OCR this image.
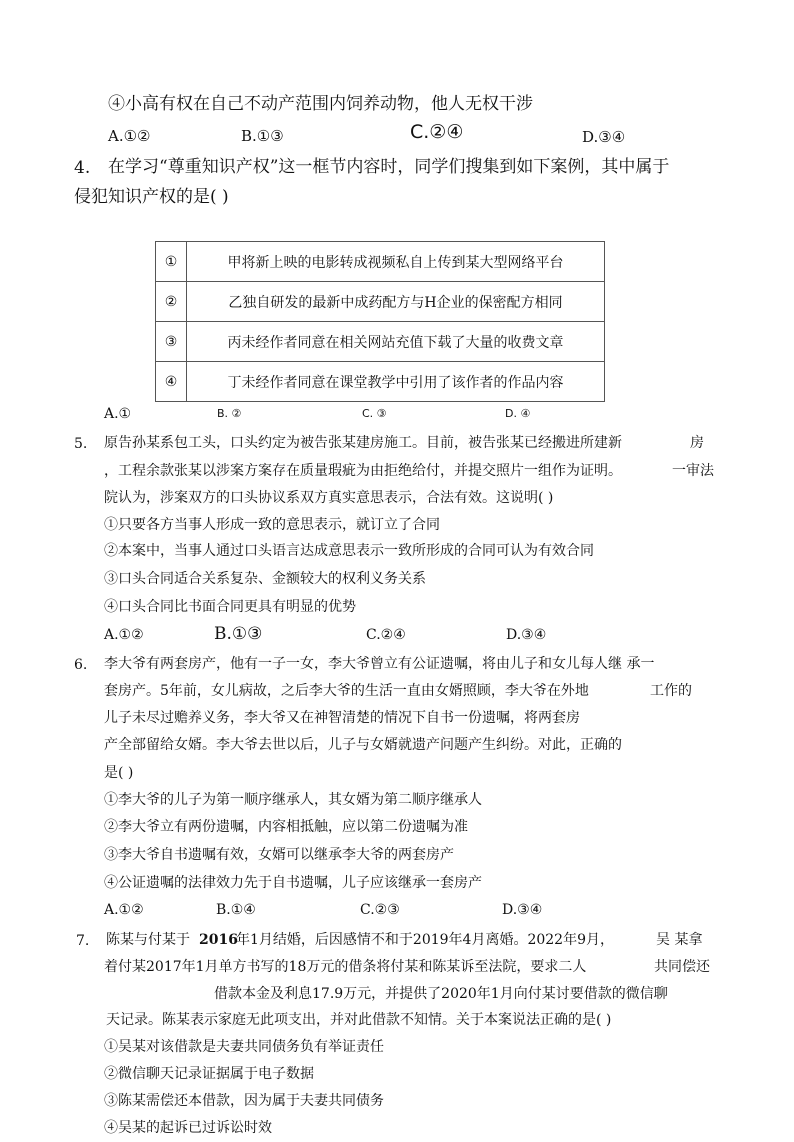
④小高有权在自己不动产范围内饲养动物，他人无权干涉
A.①②	B.①③	C.②④	D.③④
4. 在学习“尊重知识产权”这一框节内容时，同学们搜集到如下案例，其中属于
侵犯知识产权的是( )
①	甲将新上映的电影转成视频私自上传到某大型网络平台
②	乙独自研发的最新中成药配方与H企业的保密配方相同
③	丙未经作者同意在相关网站充值下载了大量的收费文章
④	丁未经作者同意在课堂教学中引用了该作者的作品内容
A.①	B. ②	C. ③	D. ④
5. 原告孙某系包工头，口头约定为被告张某建房施工。目前，被告张某已经搬进所建新	房
，工程余款张某以涉案方案存在质量瑕疵为由拒绝给付，并提交照片一组作为证明。	一审法
院认为，涉案双方的口头协议系双方真实意思表示，合法有效。这说明( )
①只要各方当事人形成一致的意思表示，就订立了合同
②本案中，当事人通过口头语言达成意思表示一致所形成的合同可认为有效合同
③口头合同适合关系复杂、金额较大的权利义务关系
④口头合同比书面合同更具有明显的优势
A.①②	B.①③	C.②④	D.③④
6. 李大爷有两套房产，他有一子一女，李大爷曾立有公证遗嘱，将由儿子和女儿每人继 承一
套房产。5年前，女儿病故，之后李大爷的生活一直由女婿照顾，李大爷在外地	工作的
儿子未尽过赡养义务，李大爷又在神智清楚的情况下自书一份遗嘱，将两套房
产全部留给女婿。李大爷去世以后，儿子与女婿就遗产问题产生纠纷。对此，正确的
是( )
①李大爷的儿子为第一顺序继承人，其女婿为第二顺序继承人
②李大爷立有两份遗嘱，内容相抵触，应以第二份遗嘱为准
③李大爷自书遗嘱有效，女婿可以继承李大爷的两套房产
④公证遗嘱的法律效力先于自书遗嘱，儿子应该继承一套房产
A.①②	B.①④	C.②③	D.③④
7. 陈某与付某于 2016
年1月结婚，后因感情不和于2019年4月离婚。2022年9月，	吴 某拿
着付某2017年1月单方书写的18万元的借条将付某和陈某诉至法院，要求二人	共同偿还
借款本金及利息17.9万元，并提供了2020年1月向付某讨要借款的微信聊
天记录。陈某表示家庭无此项支出，并对此借款不知情。关于本案说法正确的是( )
①吴某对该借款是夫妻共同债务负有举证责任
②微信聊天记录证据属于电子数据
③陈某需偿还本借款，因为属于夫妻共同债务
④吴某的起诉已过诉讼时效
